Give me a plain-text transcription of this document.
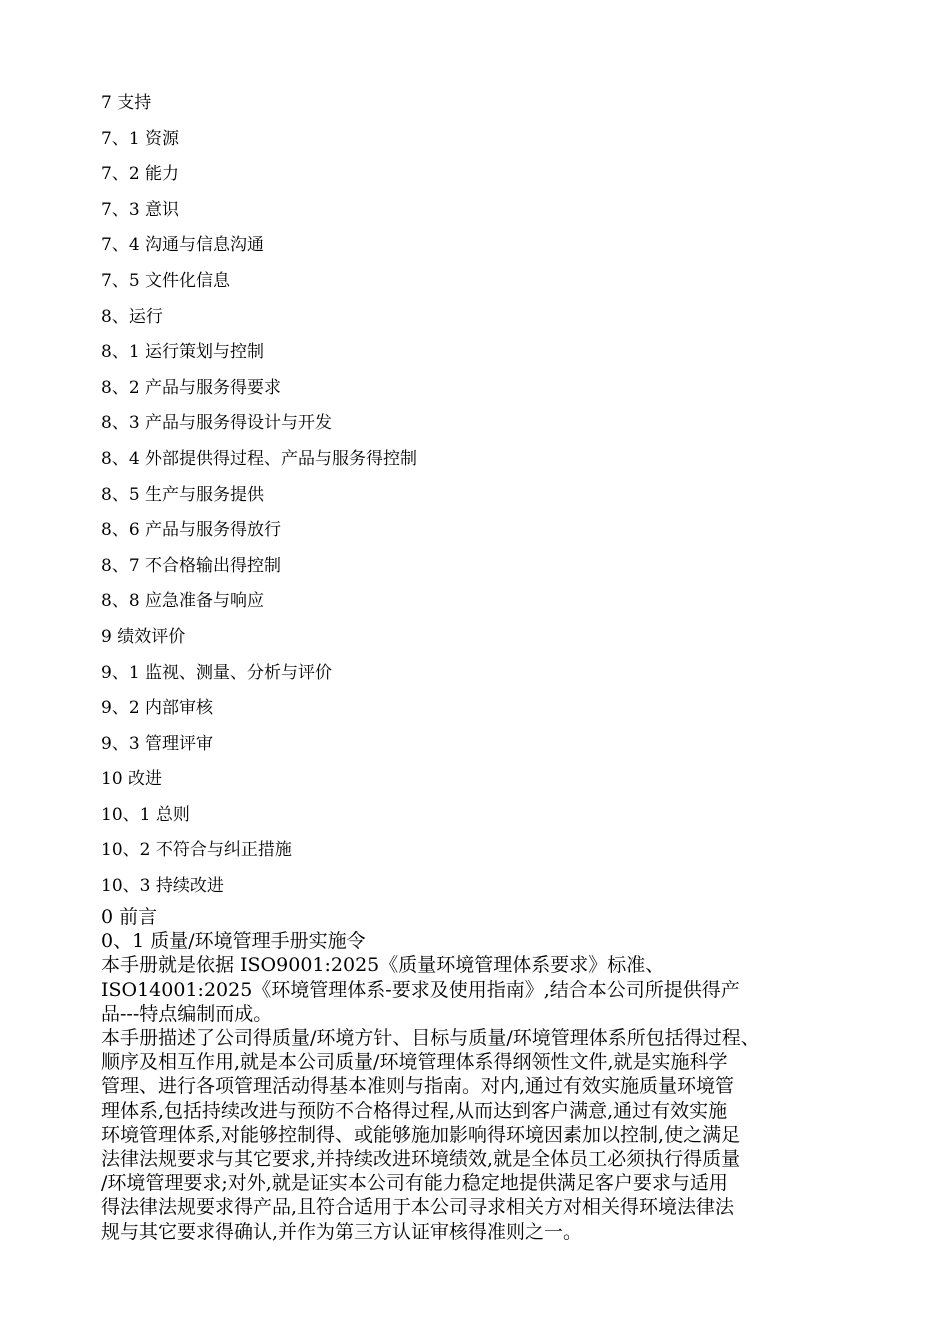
7 支持
7、1 资源
7、2 能力
7、3 意识
7、4 沟通与信息沟通
7、5 文件化信息
8、运行
8、1 运行策划与控制
8、2 产品与服务得要求
8、3 产品与服务得设计与开发
8、4 外部提供得过程、产品与服务得控制
8、5 生产与服务提供
8、6 产品与服务得放行
8、7 不合格输出得控制
8、8 应急准备与响应
9 绩效评价
9、1 监视、测量、分析与评价
9、2 内部审核
9、3 管理评审
10 改进
10、1 总则
10、2 不符合与纠正措施
10、3 持续改进
0 前言
0、1 质量/环境管理手册实施令

本手册就是依据 ISO9001:2025《质量环境管理体系要求》标准、
ISO14001:2025《环境管理体系-要求及使用指南》,结合本公司所提供得产
品---特点编制而成。

本手册描述了公司得质量/环境方针、目标与质量/环境管理体系所包括得过程、
顺序及相互作用,就是本公司质量/环境管理体系得纲领性文件,就是实施科学
管理、进行各项管理活动得基本准则与指南。对内,通过有效实施质量环境管
理体系,包括持续改进与预防不合格得过程,从而达到客户满意,通过有效实施
环境管理体系,对能够控制得、或能够施加影响得环境因素加以控制,使之满足
法律法规要求与其它要求,并持续改进环境绩效,就是全体员工必须执行得质量
/环境管理要求;对外,就是证实本公司有能力稳定地提供满足客户要求与适用
得法律法规要求得产品,且符合适用于本公司寻求相关方对相关得环境法律法
规与其它要求得确认,并作为第三方认证审核得准则之一。
